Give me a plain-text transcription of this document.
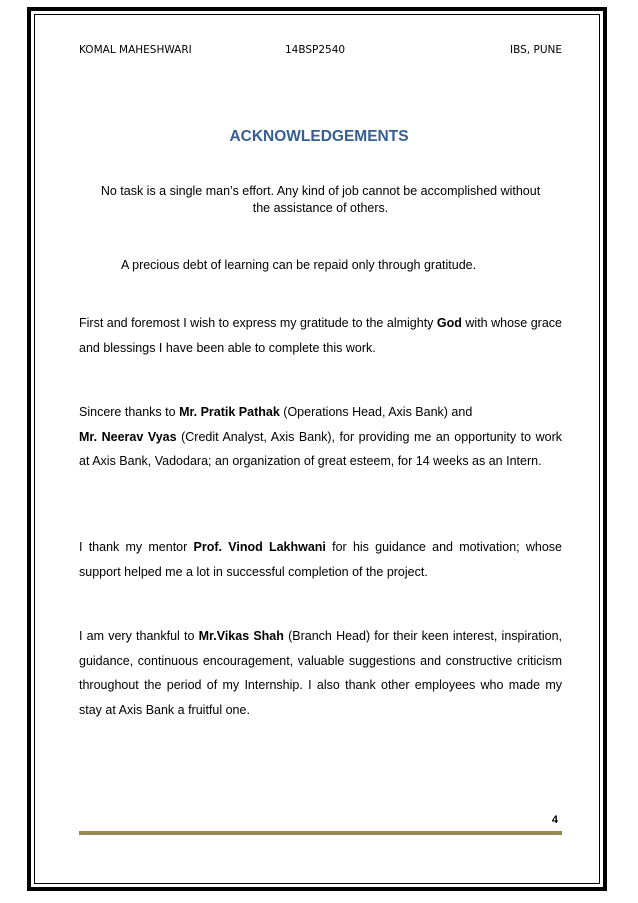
KOMAL MAHESHWARI	14BSP2540	IBS, PUNE
ACKNOWLEDGEMENTS
No task is a single man’s effort. Any kind of job cannot be accomplished without the assistance of others.
A precious debt of learning can be repaid only through gratitude.
First and foremost I wish to express my gratitude to the almighty God with whose grace and blessings I have been able to complete this work.
Sincere thanks to Mr. Pratik Pathak (Operations Head, Axis Bank) and
Mr. Neerav Vyas (Credit Analyst, Axis Bank), for providing me an opportunity to work at Axis Bank, Vadodara; an organization of great esteem, for 14 weeks as an Intern.
I thank my mentor Prof. Vinod Lakhwani for his guidance and motivation; whose support helped me a lot in successful completion of the project.
I am very thankful to Mr.Vikas Shah (Branch Head) for their keen interest, inspiration, guidance, continuous encouragement, valuable suggestions and constructive criticism throughout the period of my Internship. I also thank other employees who made my stay at Axis Bank a fruitful one.
4
